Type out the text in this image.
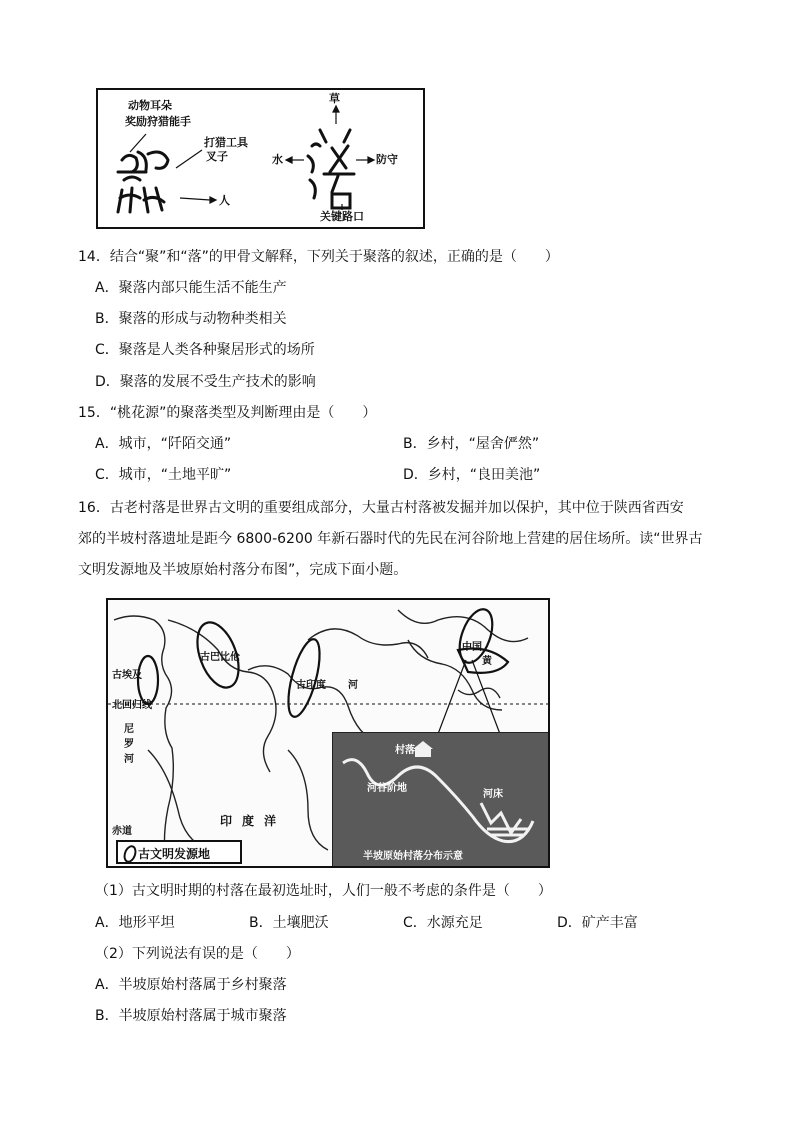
动物耳朵
奖励狩猎能手
打猎工具
叉子
人
草
水	防守
关键路口
14．结合“聚”和“落”的甲骨文解释，下列关于聚落的叙述，正确的是（　　）
A．聚落内部只能生活不能生产
B．聚落的形成与动物种类相关
C．聚落是人类各种聚居形式的场所
D．聚落的发展不受生产技术的影响
15．“桃花源”的聚落类型及判断理由是（　　）
A．城市，“阡陌交通”	B．乡村，“屋舍俨然”
C．城市，“土地平旷”	D．乡村，“良田美池”
16．古老村落是世界古文明的重要组成部分，大量古村落被发掘并加以保护，其中位于陕西省西安
郊的半坡村落遗址是距今 6800-6200 年新石器时代的先民在河谷阶地上营建的居住场所。读“世界古
文明发源地及半坡原始村落分布图”，完成下面小题。
古巴比伦
古印度
古埃及
北回归线
尼罗河
河
赤道
印度洋
中国
黄
村落
河谷阶地
河床
半坡原始村落分布示意
古文明发源地
（1）古文明时期的村落在最初选址时，人们一般不考虑的条件是（　　）
A．地形平坦	B．土壤肥沃	C．水源充足	D．矿产丰富
（2）下列说法有误的是（　　）
A．半坡原始村落属于乡村聚落
B．半坡原始村落属于城市聚落
